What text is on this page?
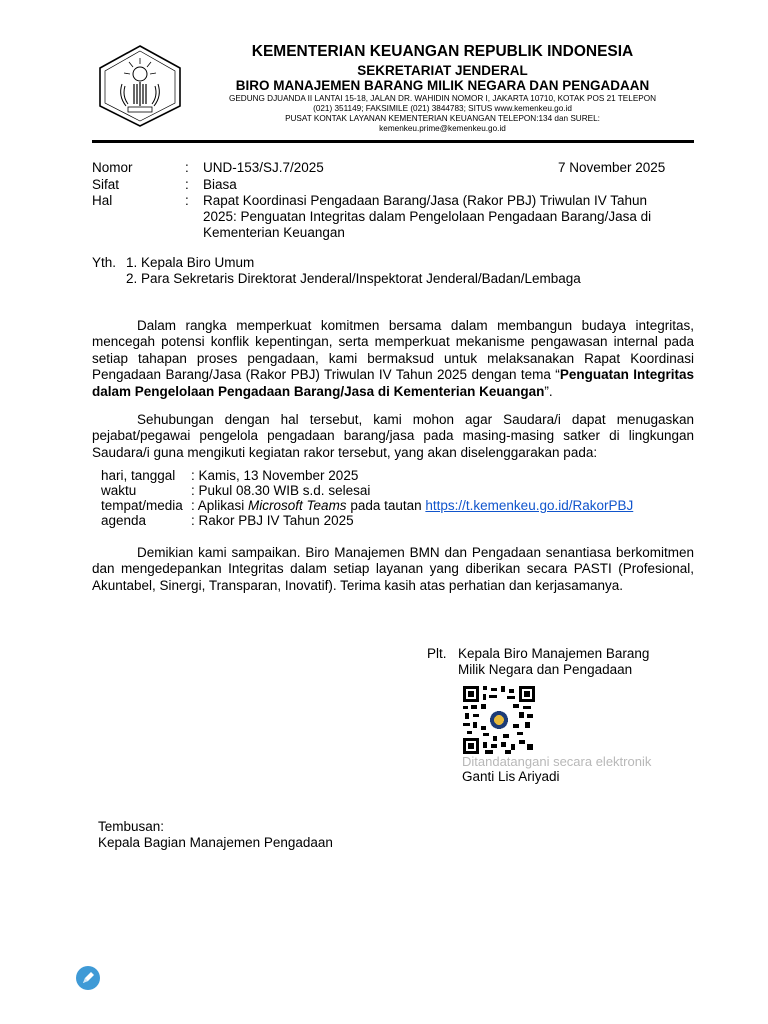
KEMENTERIAN KEUANGAN REPUBLIK INDONESIA
SEKRETARIAT JENDERAL
BIRO MANAJEMEN BARANG MILIK NEGARA DAN PENGADAAN
GEDUNG DJUANDA II LANTAI 15-18, JALAN DR. WAHIDIN NOMOR I, JAKARTA 10710, KOTAK POS 21 TELEPON
(021) 351149; FAKSIMILE (021) 3844783; SITUS www.kemenkeu.go.id
PUSAT KONTAK LAYANAN KEMENTERIAN KEUANGAN TELEPON:134 dan SUREL:
kemenkeu.prime@kemenkeu.go.id
Nomor	: UND-153/SJ.7/2025	7 November 2025
Sifat	: Biasa
Hal	: Rapat Koordinasi Pengadaan Barang/Jasa (Rakor PBJ) Triwulan IV Tahun
2025: Penguatan Integritas dalam Pengelolaan Pengadaan Barang/Jasa di
Kementerian Keuangan
Yth. 1. Kepala Biro Umum
2. Para Sekretaris Direktorat Jenderal/Inspektorat Jenderal/Badan/Lembaga
Dalam rangka memperkuat komitmen bersama dalam membangun budaya integritas, mencegah potensi konflik kepentingan, serta memperkuat mekanisme pengawasan internal pada setiap tahapan proses pengadaan, kami bermaksud untuk melaksanakan Rapat Koordinasi Pengadaan Barang/Jasa (Rakor PBJ) Triwulan IV Tahun 2025 dengan tema “Penguatan Integritas dalam Pengelolaan Pengadaan Barang/Jasa di Kementerian Keuangan”.
Sehubungan dengan hal tersebut, kami mohon agar Saudara/i dapat menugaskan pejabat/pegawai pengelola pengadaan barang/jasa pada masing-masing satker di lingkungan Saudara/i guna mengikuti kegiatan rakor tersebut, yang akan diselenggarakan pada:
hari, tanggal : Kamis, 13 November 2025
waktu	: Pukul 08.30 WIB s.d. selesai
tempat/media : Aplikasi Microsoft Teams pada tautan https://t.kemenkeu.go.id/RakorPBJ
agenda	: Rakor PBJ IV Tahun 2025
Demikian kami sampaikan. Biro Manajemen BMN dan Pengadaan senantiasa berkomitmen dan mengedepankan Integritas dalam setiap layanan yang diberikan secara PASTI (Profesional, Akuntabel, Sinergi, Transparan, Inovatif). Terima kasih atas perhatian dan kerjasamanya.
Plt. Kepala Biro Manajemen Barang
Milik Negara dan Pengadaan
Ditandatangani secara elektronik
Ganti Lis Ariyadi
Tembusan:
Kepala Bagian Manajemen Pengadaan
